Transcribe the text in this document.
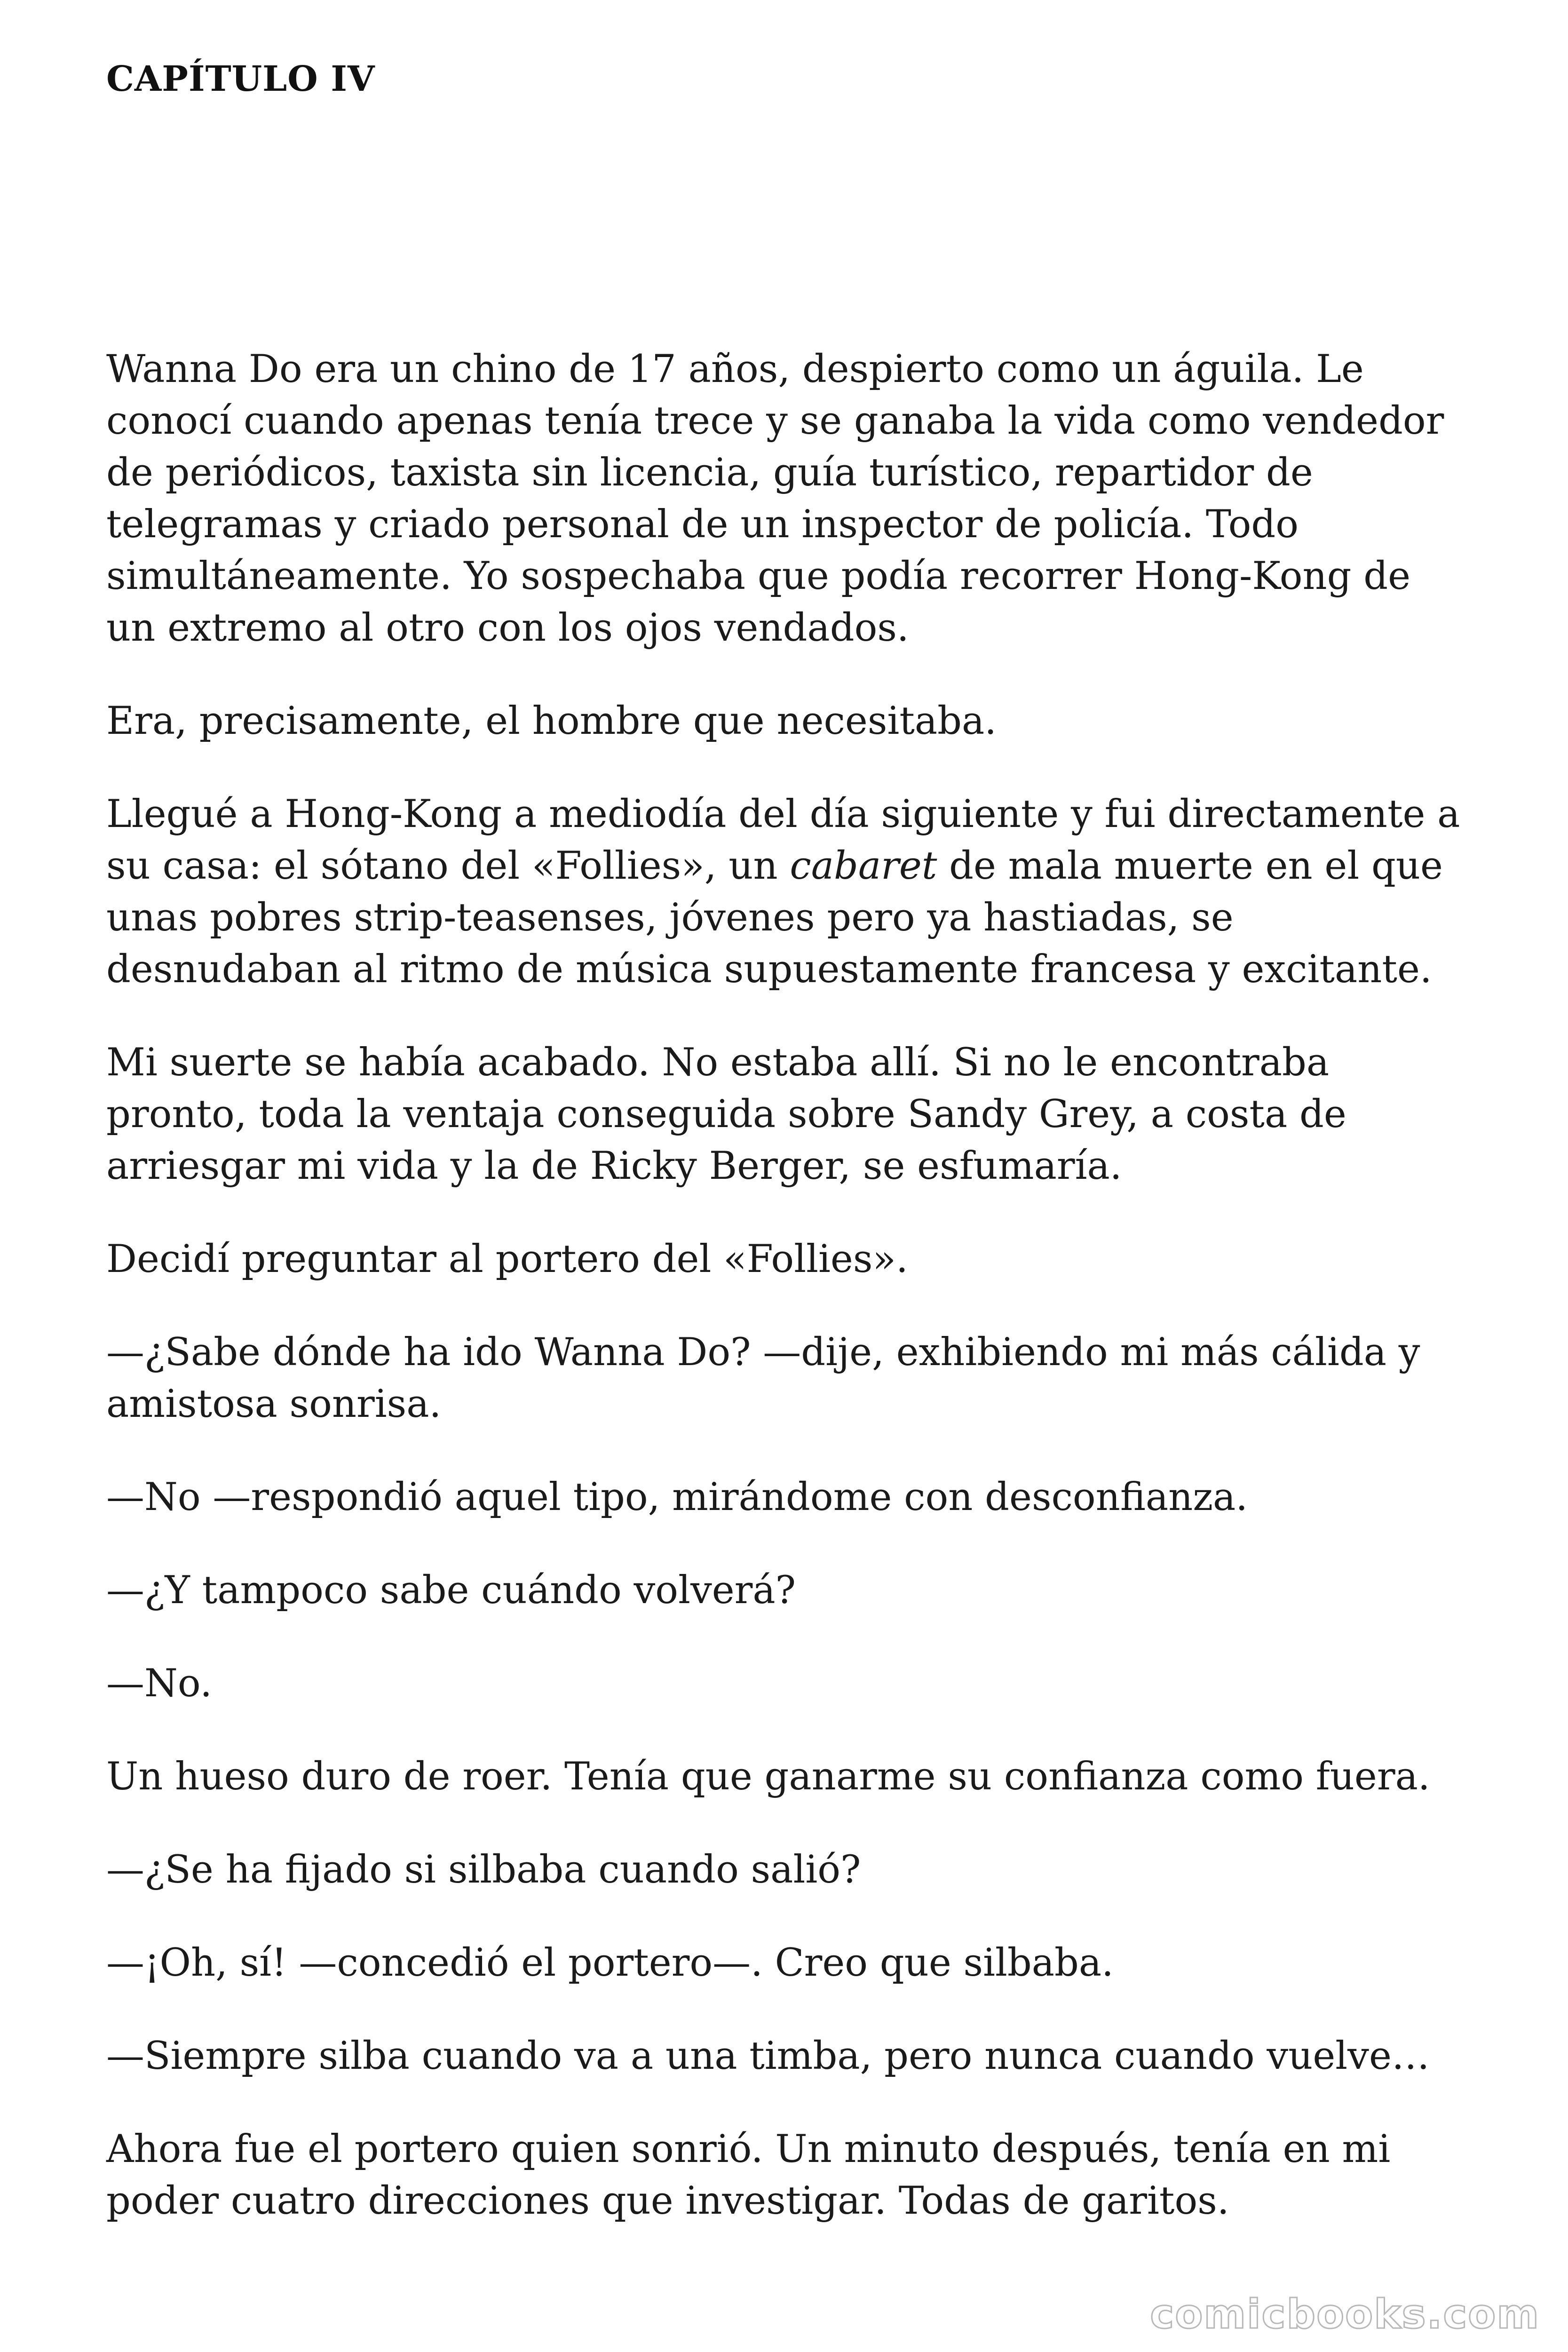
CAPÍTULO IV

Wanna Do era un chino de 17 años, despierto como un águila. Le conocí cuando apenas tenía trece y se ganaba la vida como vendedor de periódicos, taxista sin licencia, guía turístico, repartidor de telegramas y criado personal de un inspector de policía. Todo simultáneamente. Yo sospechaba que podía recorrer Hong-Kong de un extremo al otro con los ojos vendados.

Era, precisamente, el hombre que necesitaba.

Llegué a Hong-Kong a mediodía del día siguiente y fui directamente a su casa: el sótano del «Follies», un cabaret de mala muerte en el que unas pobres strip-teasenses, jóvenes pero ya hastiadas, se desnudaban al ritmo de música supuestamente francesa y excitante.

Mi suerte se había acabado. No estaba allí. Si no le encontraba pronto, toda la ventaja conseguida sobre Sandy Grey, a costa de arriesgar mi vida y la de Ricky Berger, se esfumaría.

Decidí preguntar al portero del «Follies».

—¿Sabe dónde ha ido Wanna Do? —dije, exhibiendo mi más cálida y amistosa sonrisa.

—No —respondió aquel tipo, mirándome con desconfianza.

—¿Y tampoco sabe cuándo volverá?

—No.

Un hueso duro de roer. Tenía que ganarme su confianza como fuera.

—¿Se ha fijado si silbaba cuando salió?

—¡Oh, sí! —concedió el portero—. Creo que silbaba.

—Siempre silba cuando va a una timba, pero nunca cuando vuelve…

Ahora fue el portero quien sonrió. Un minuto después, tenía en mi poder cuatro direcciones que investigar. Todas de garitos.

comicbooks.com
